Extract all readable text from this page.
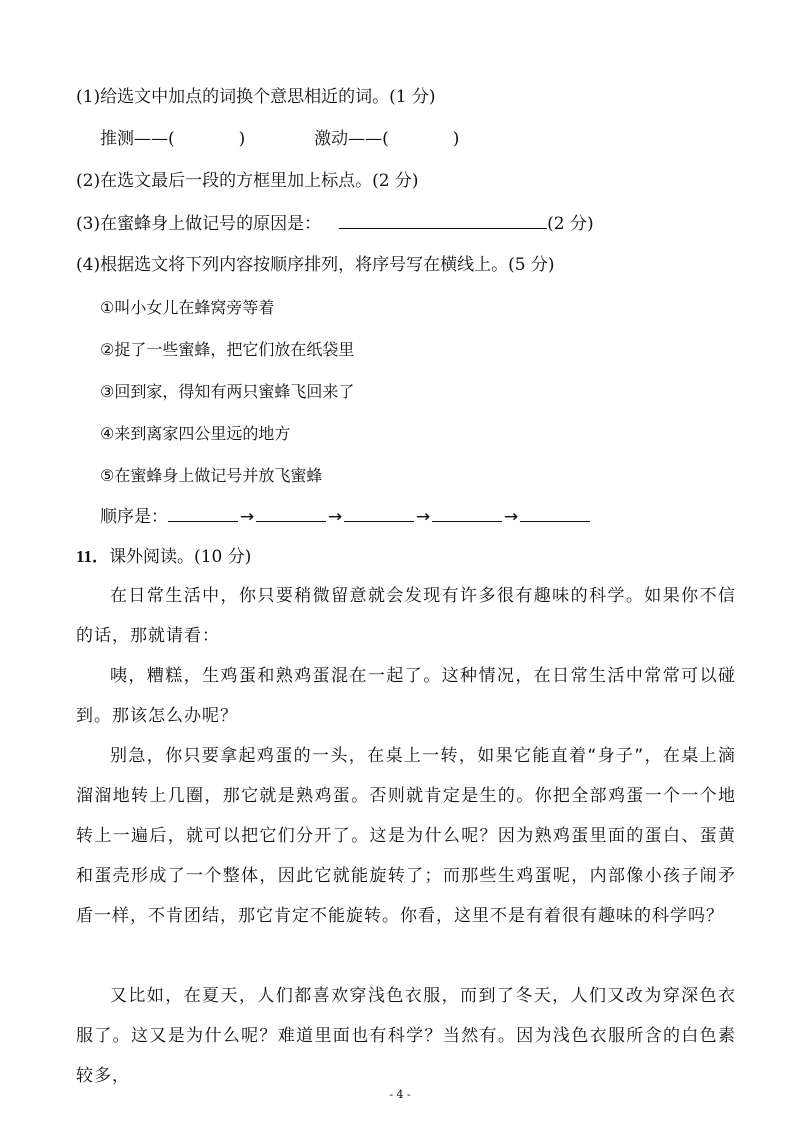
(1)给选文中加点的词换个意思相近的词。(1 分)
推测——(	)	激动——(	)
(2)在选文最后一段的方框里加上标点。(2 分)
(3)在蜜蜂身上做记号的原因是：	(2 分)
(4)根据选文将下列内容按顺序排列，将序号写在横线上。(5 分)
①叫小女儿在蜂窝旁等着
②捉了一些蜜蜂，把它们放在纸袋里
③回到家，得知有两只蜜蜂飞回来了
④来到离家四公里远的地方
⑤在蜜蜂身上做记号并放飞蜜蜂
顺序是：	→	→	→	→
11．课外阅读。(10 分)
在日常生活中，你只要稍微留意就会发现有许多很有趣味的科学。如果你不信的话，那就请看：
咦，糟糕，生鸡蛋和熟鸡蛋混在一起了。这种情况，在日常生活中常常可以碰到。那该怎么办呢？
别急，你只要拿起鸡蛋的一头，在桌上一转，如果它能直着“身子”，在桌上滴溜溜地转上几圈，那它就是熟鸡蛋。否则就肯定是生的。你把全部鸡蛋一个一个地转上一遍后，就可以把它们分开了。这是为什么呢？因为熟鸡蛋里面的蛋白、蛋黄和蛋壳形成了一个整体，因此它就能旋转了；而那些生鸡蛋呢，内部像小孩子闹矛盾一样，不肯团结，那它肯定不能旋转。你看，这里不是有着很有趣味的科学吗？
又比如，在夏天，人们都喜欢穿浅色衣服，而到了冬天，人们又改为穿深色衣服了。这又是为什么呢？难道里面也有科学？当然有。因为浅色衣服所含的白色素较多，
- 4 -
